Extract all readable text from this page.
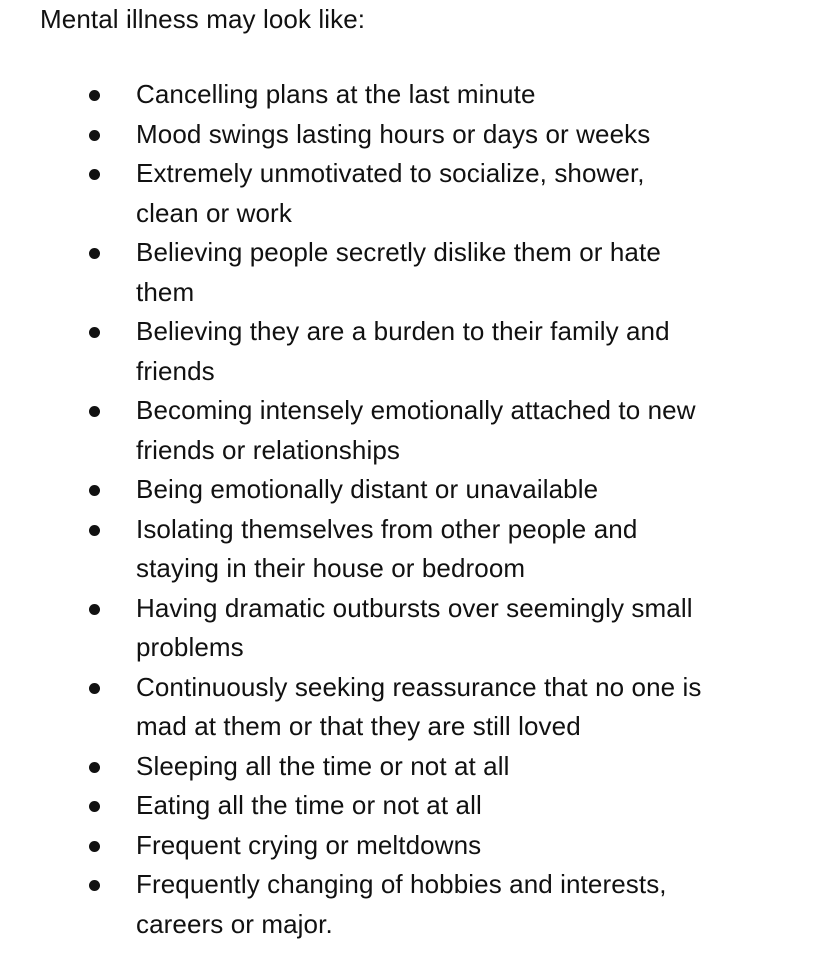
Mental illness may look like:
Cancelling plans at the last minute
Mood swings lasting hours or days or weeks
Extremely unmotivated to socialize, shower,
clean or work
Believing people secretly dislike them or hate
them
Believing they are a burden to their family and
friends
Becoming intensely emotionally attached to new
friends or relationships
Being emotionally distant or unavailable
Isolating themselves from other people and
staying in their house or bedroom
Having dramatic outbursts over seemingly small
problems
Continuously seeking reassurance that no one is
mad at them or that they are still loved
Sleeping all the time or not at all
Eating all the time or not at all
Frequent crying or meltdowns
Frequently changing of hobbies and interests,
careers or major.
